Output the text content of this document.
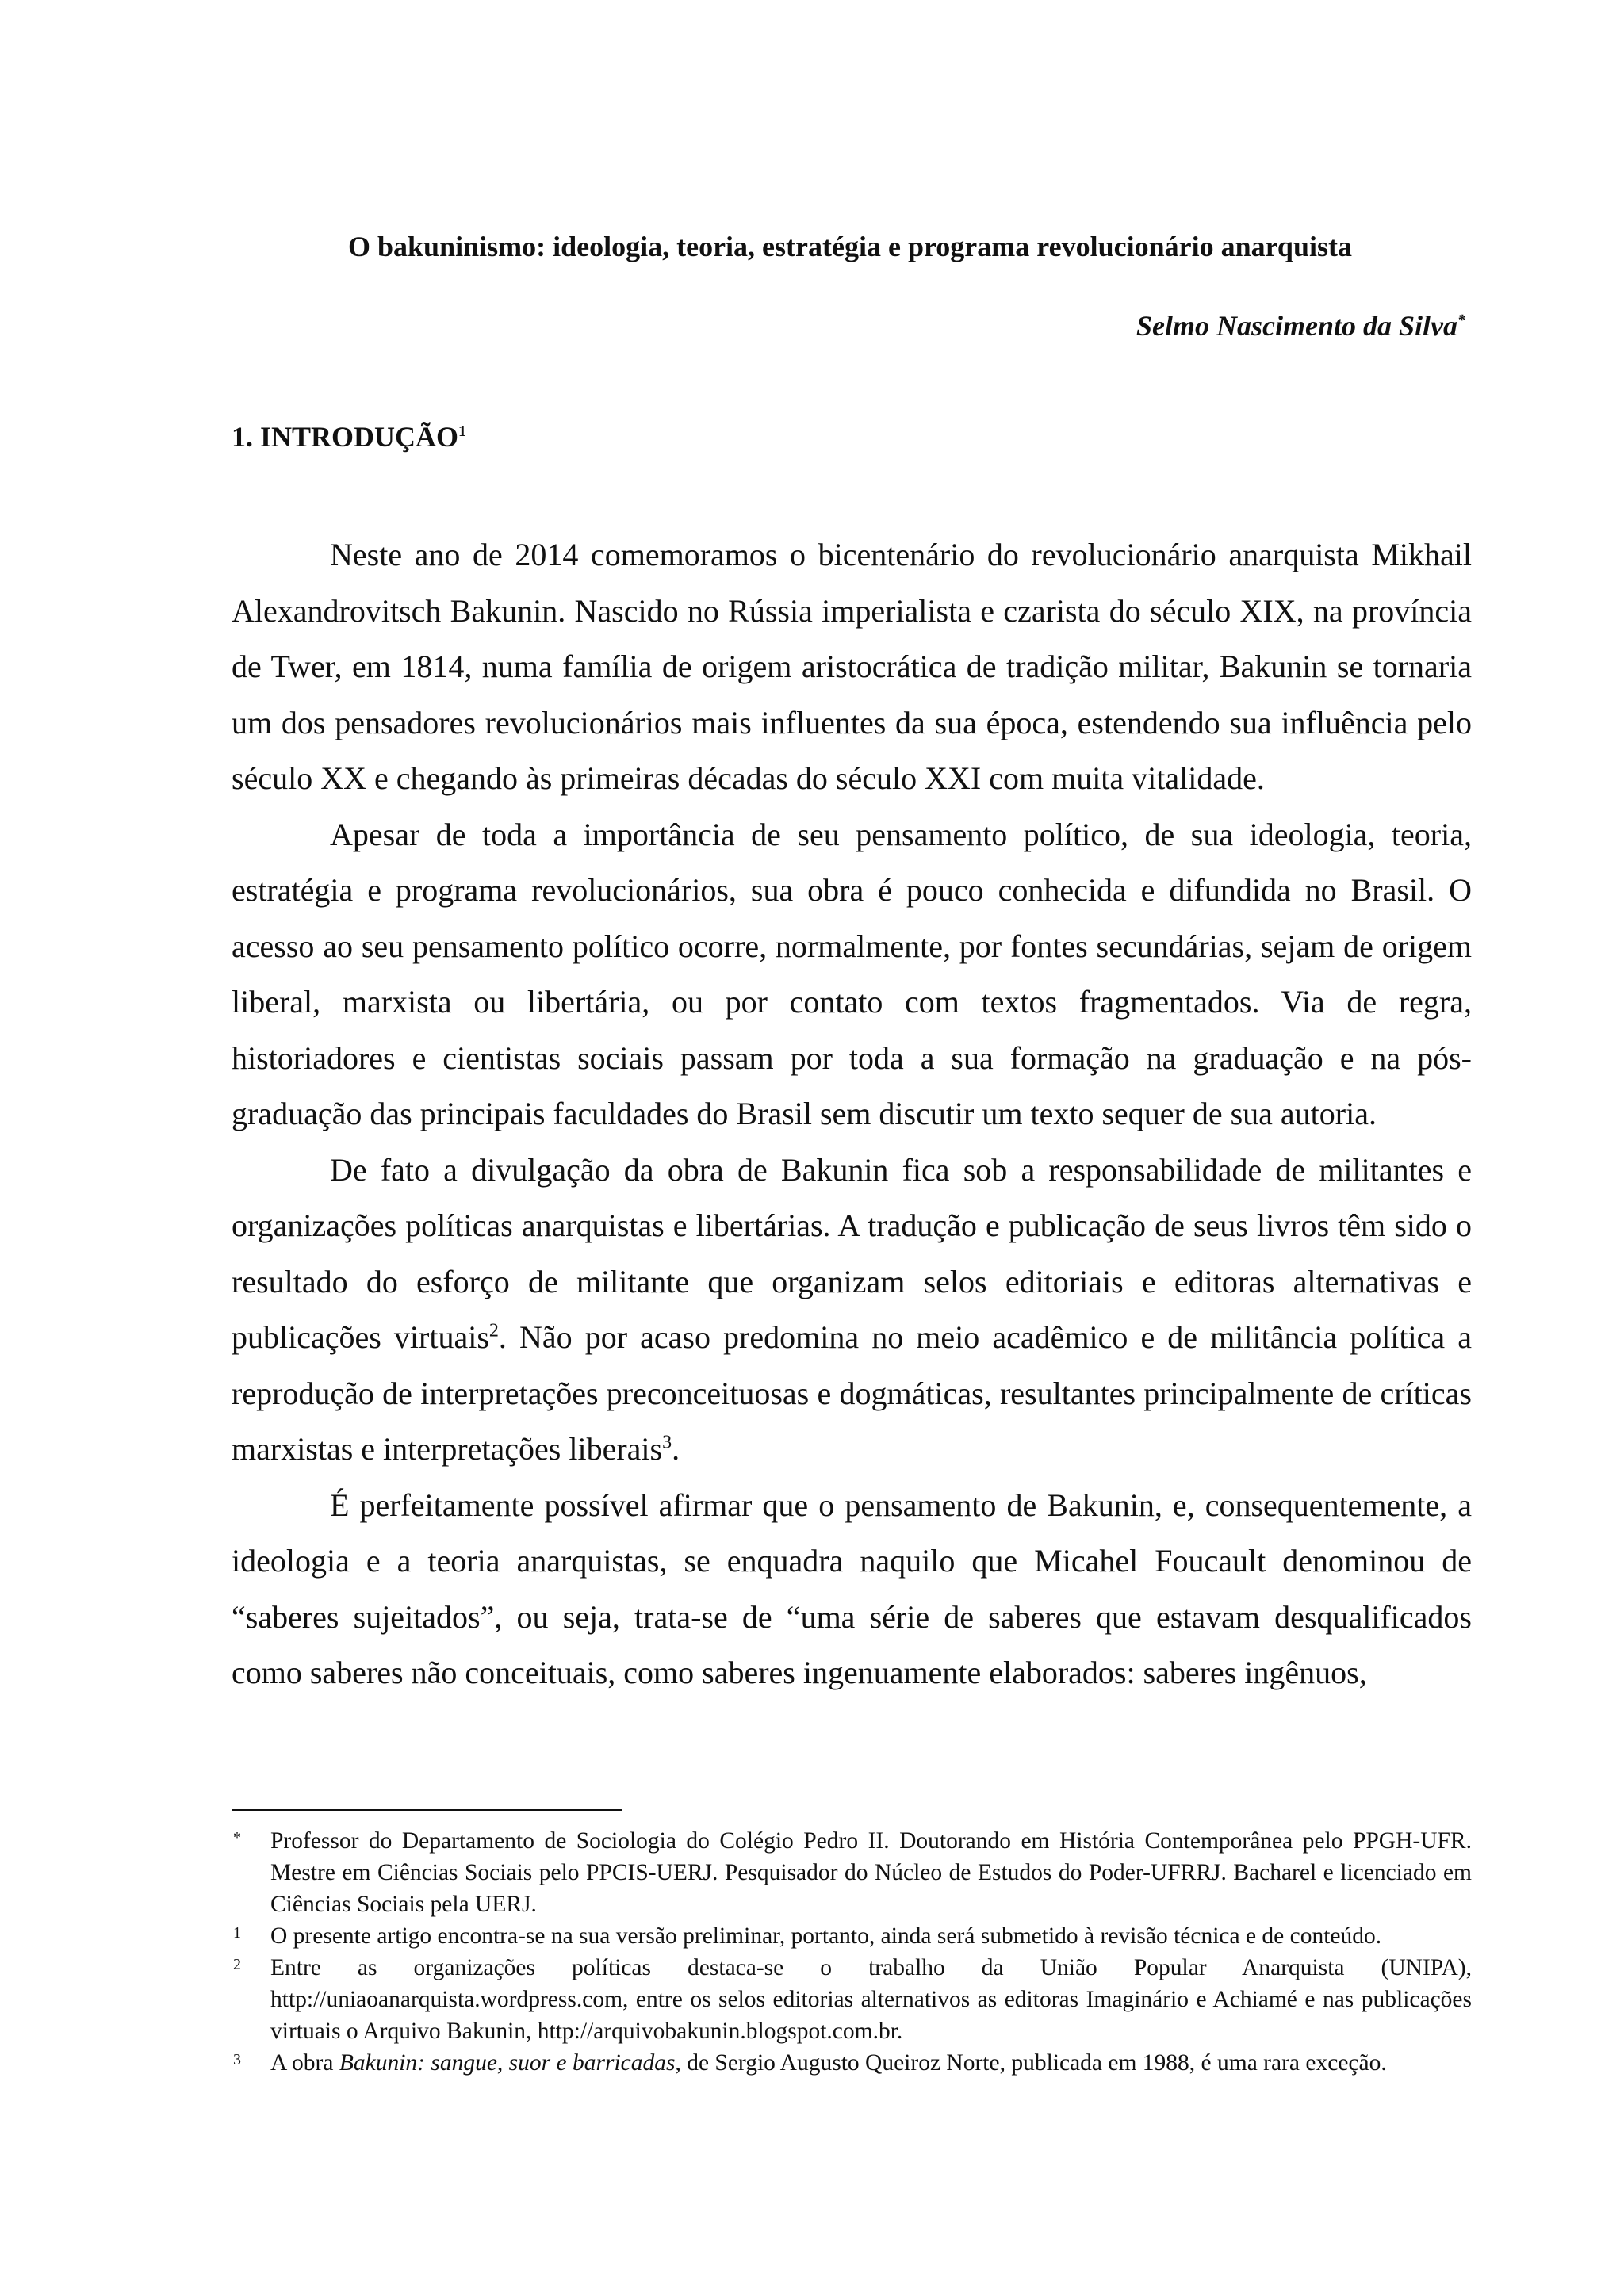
O bakuninismo: ideologia, teoria, estratégia e programa revolucionário anarquista

Selmo Nascimento da Silva*

1. INTRODUÇÃO$^1$

Neste ano de 2014 comemoramos o bicentenário do revolucionário anarquista Mikhail Alexandrovitsch Bakunin. Nascido no Rússia imperialista e czarista do século XIX, na província de Twer, em 1814, numa família de origem aristocrática de tradição militar, Bakunin se tornaria um dos pensadores revolucionários mais influentes da sua época, estendendo sua influência pelo século XX e chegando às primeiras décadas do século XXI com muita vitalidade.

Apesar de toda a importância de seu pensamento político, de sua ideologia, teoria, estratégia e programa revolucionários, sua obra é pouco conhecida e difundida no Brasil. O acesso ao seu pensamento político ocorre, normalmente, por fontes secundárias, sejam de origem liberal, marxista ou libertária, ou por contato com textos fragmentados. Via de regra, historiadores e cientistas sociais passam por toda a sua formação na graduação e na pós-graduação das principais faculdades do Brasil sem discutir um texto sequer de sua autoria.

De fato a divulgação da obra de Bakunin fica sob a responsabilidade de militantes e organizações políticas anarquistas e libertárias. A tradução e publicação de seus livros têm sido o resultado do esforço de militante que organizam selos editoriais e editoras alternativas e publicações virtuais$^2$. Não por acaso predomina no meio acadêmico e de militância política a reprodução de interpretações preconceituosas e dogmáticas, resultantes principalmente de críticas marxistas e interpretações liberais$^3$.

É perfeitamente possível afirmar que o pensamento de Bakunin, e, consequentemente, a ideologia e a teoria anarquistas, se enquadra naquilo que Micahel Foucault denominou de “saberes sujeitados”, ou seja, trata-se de “uma série de saberes que estavam desqualificados como saberes não conceituais, como saberes ingenuamente elaborados: saberes ingênuos,

* Professor do Departamento de Sociologia do Colégio Pedro II. Doutorando em História Contemporânea pelo PPGH-UFR. Mestre em Ciências Sociais pelo PPCIS-UERJ. Pesquisador do Núcleo de Estudos do Poder-UFRRJ. Bacharel e licenciado em Ciências Sociais pela UERJ.

1 O presente artigo encontra-se na sua versão preliminar, portanto, ainda será submetido à revisão técnica e de conteúdo.

2 Entre as organizações políticas destaca-se o trabalho da União Popular Anarquista (UNIPA), http://uniaoanarquista.wordpress.com, entre os selos editorias alternativos as editoras Imaginário e Achiamé e nas publicações virtuais o Arquivo Bakunin, http://arquivobakunin.blogspot.com.br.

3 A obra Bakunin: sangue, suor e barricadas, de Sergio Augusto Queiroz Norte, publicada em 1988, é uma rara exceção.
